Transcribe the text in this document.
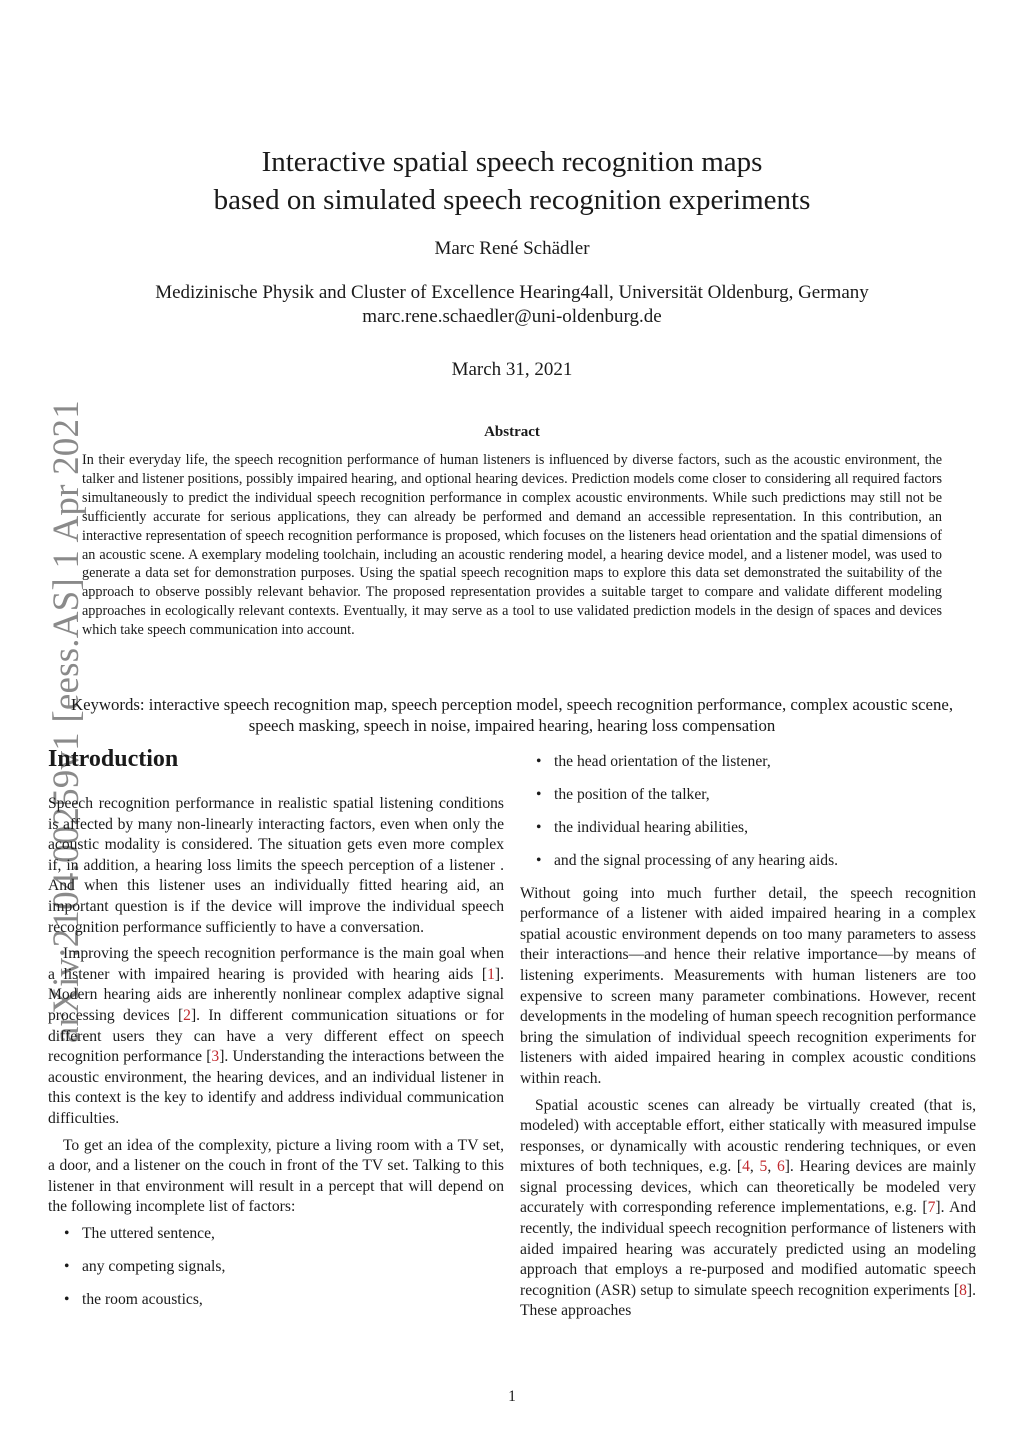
arXiv:2104.00259v1 [eess.AS] 1 Apr 2021
Interactive spatial speech recognition maps
based on simulated speech recognition experiments
Marc René Schädler
Medizinische Physik and Cluster of Excellence Hearing4all, Universität Oldenburg, Germany
marc.rene.schaedler@uni-oldenburg.de
March 31, 2021
Abstract
In their everyday life, the speech recognition performance of human listeners is influenced by diverse factors, such as the acoustic environment, the talker and listener positions, possibly impaired hearing, and optional hearing devices. Prediction models come closer to considering all required factors simultaneously to predict the individual speech recognition performance in complex acoustic environments. While such predictions may still not be sufficiently accurate for serious applications, they can already be performed and demand an accessible representation. In this contribution, an interactive representation of speech recognition performance is proposed, which focuses on the listeners head orientation and the spatial dimensions of an acoustic scene. A exemplary modeling toolchain, including an acoustic rendering model, a hearing device model, and a listener model, was used to generate a data set for demonstration purposes. Using the spatial speech recognition maps to explore this data set demonstrated the suitability of the approach to observe possibly relevant behavior. The proposed representation provides a suitable target to compare and validate different modeling approaches in ecologically relevant contexts. Eventually, it may serve as a tool to use validated prediction models in the design of spaces and devices which take speech communication into account.
Keywords: interactive speech recognition map, speech perception model, speech recognition performance, complex acoustic scene, speech masking, speech in noise, impaired hearing, hearing loss compensation
Introduction

Speech recognition performance in realistic spatial listening conditions is affected by many non-linearly interacting factors, even when only the acoustic modality is considered. The situation gets even more complex if, in addition, a hearing loss limits the speech perception of a listener . And when this listener uses an individually fitted hearing aid, an important question is if the device will improve the individual speech recognition performance sufficiently to have a conversation.

Improving the speech recognition performance is the main goal when a listener with impaired hearing is provided with hearing aids [1]. Modern hearing aids are inherently nonlinear complex adaptive signal processing devices [2]. In different communication situations or for different users they can have a very different effect on speech recognition performance [3]. Understanding the interactions between the acoustic environment, the hearing devices, and an individual listener in this context is the key to identify and address individual communication difficulties.

To get an idea of the complexity, picture a living room with a TV set, a door, and a listener on the couch in front of the TV set. Talking to this listener in that environment will result in a percept that will depend on the following incomplete list of factors:

• The uttered sentence,
• any competing signals,
• the room acoustics,
• the head orientation of the listener,
• the position of the talker,
• the individual hearing abilities,
• and the signal processing of any hearing aids.

Without going into much further detail, the speech recognition performance of a listener with aided impaired hearing in a complex spatial acoustic environment depends on too many parameters to assess their interactions—and hence their relative importance—by means of listening experiments. Measurements with human listeners are too expensive to screen many parameter combinations. However, recent developments in the modeling of human speech recognition performance bring the simulation of individual speech recognition experiments for listeners with aided impaired hearing in complex acoustic conditions within reach.

Spatial acoustic scenes can already be virtually created (that is, modeled) with acceptable effort, either statically with measured impulse responses, or dynamically with acoustic rendering techniques, or even mixtures of both techniques, e.g. [4, 5, 6]. Hearing devices are mainly signal processing devices, which can theoretically be modeled very accurately with corresponding reference implementations, e.g. [7]. And recently, the individual speech recognition performance of listeners with aided impaired hearing was accurately predicted using an modeling approach that employs a re-purposed and modified automatic speech recognition (ASR) setup to simulate speech recognition experiments [8]. These approaches

1
